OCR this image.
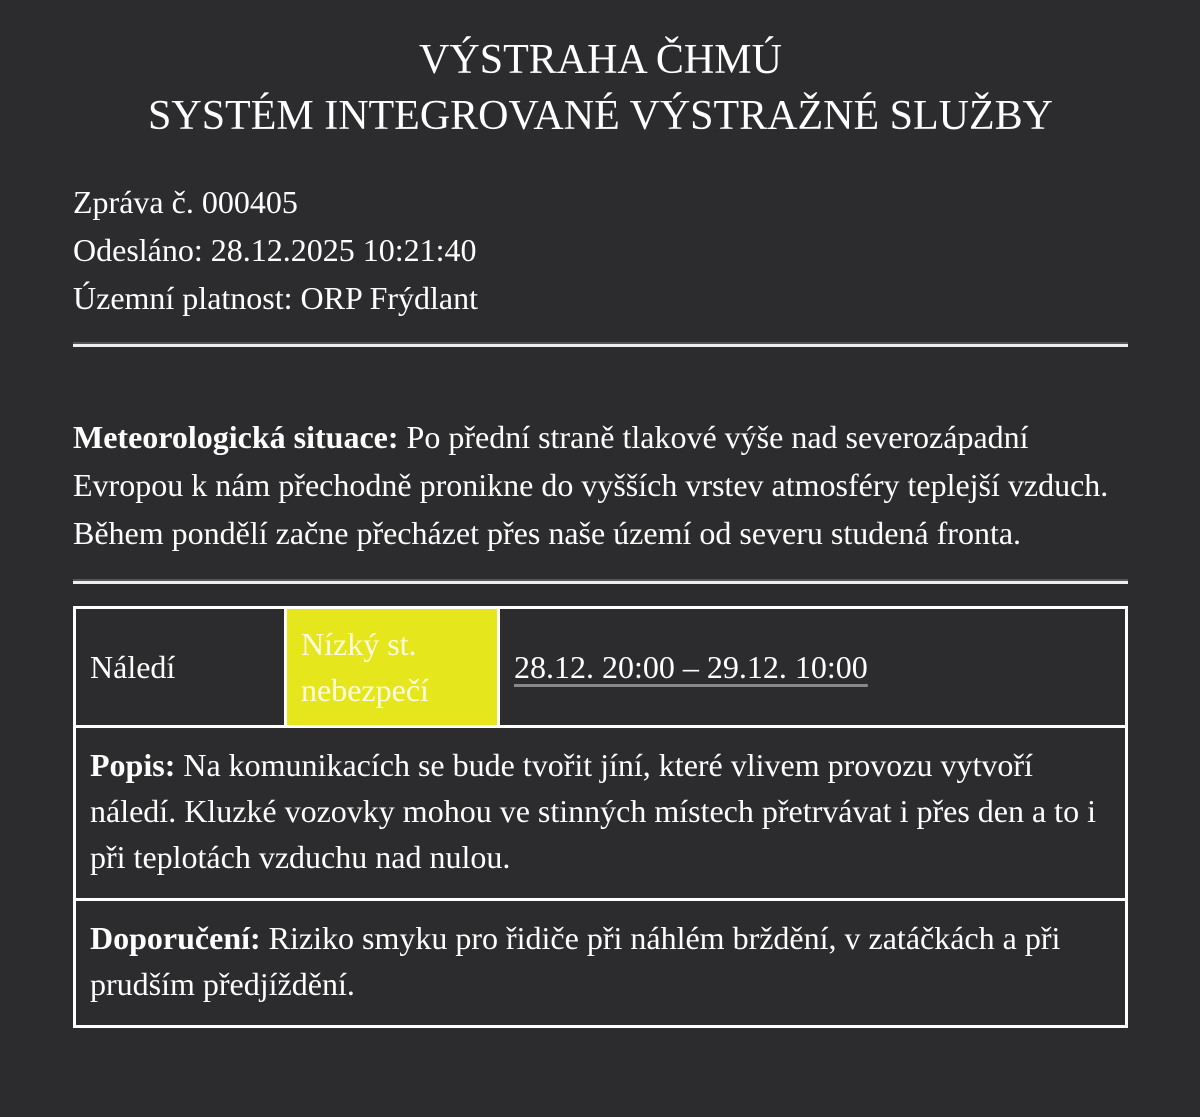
VÝSTRAHA ČHMÚ
SYSTÉM INTEGROVANÉ VÝSTRAŽNÉ SLUŽBY
Zpráva č. 000405
Odesláno: 28.12.2025 10:21:40
Územní platnost: ORP Frýdlant
Meteorologická situace: Po přední straně tlakové výše nad severozápadní Evropou k nám přechodně pronikne do vyšších vrstev atmosféry teplejší vzduch. Během pondělí začne přecházet přes naše území od severu studená fronta.
Náledí	Nízký st. nebezpečí	28.12. 20:00 – 29.12. 10:00
Popis: Na komunikacích se bude tvořit jíní, které vlivem provozu vytvoří náledí. Kluzké vozovky mohou ve stinných místech přetrvávat i přes den a to i při teplotách vzduchu nad nulou.
Doporučení: Riziko smyku pro řidiče při náhlém brždění, v zatáčkách a při prudším předjíždění.
